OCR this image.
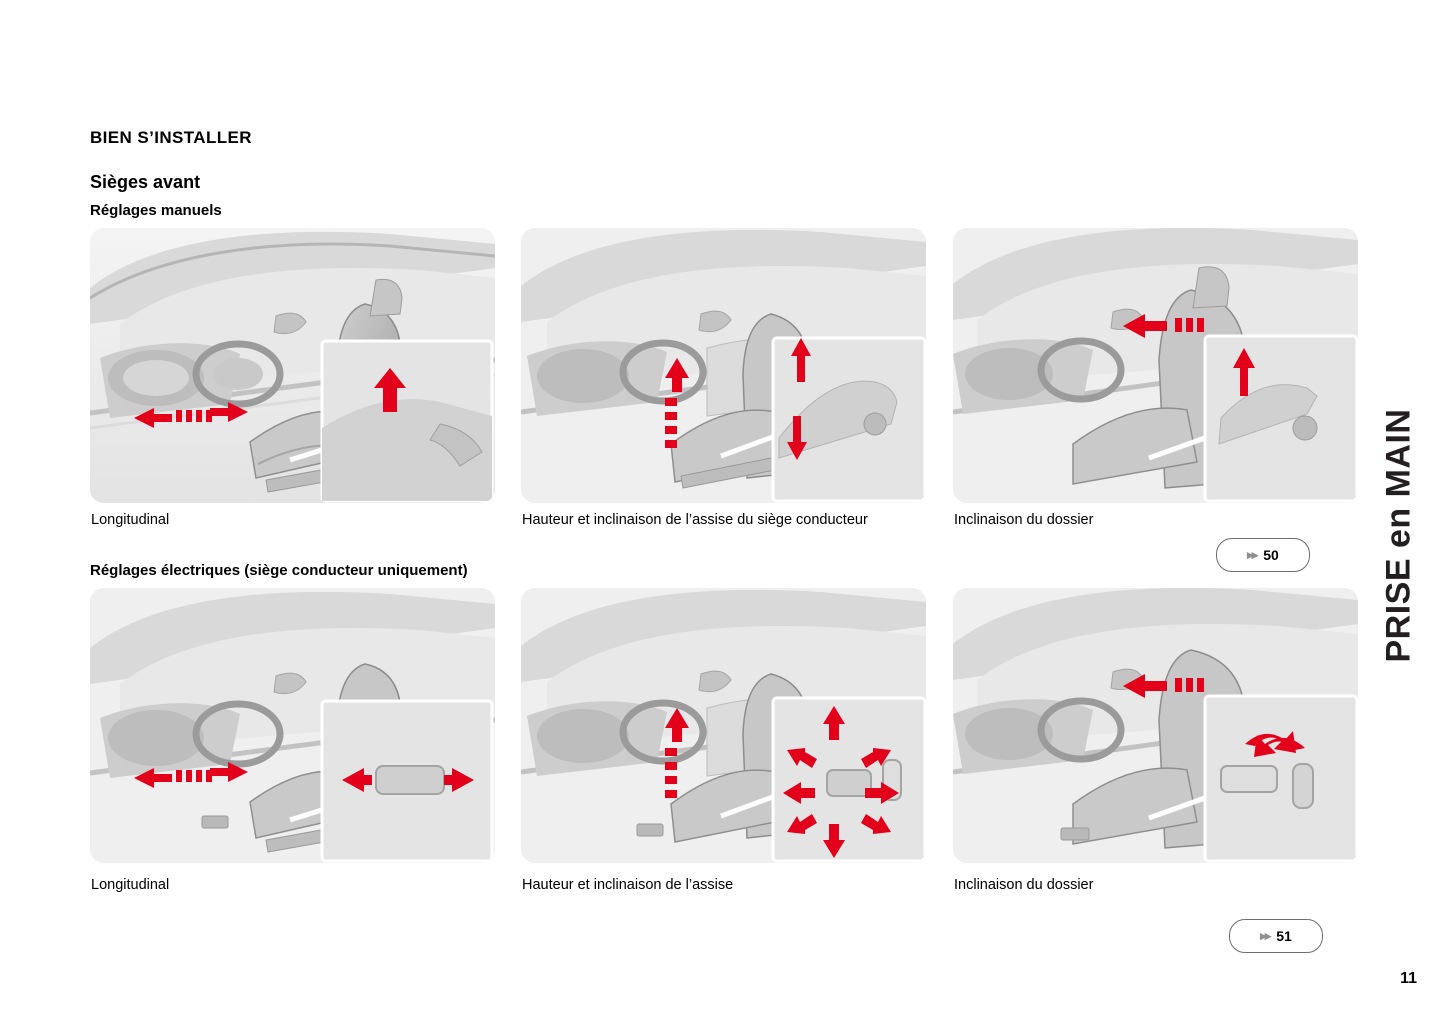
BIEN S’INSTALLER
Sièges avant
Réglages manuels
Réglages électriques (siège conducteur uniquement)
Longitudinal	Hauteur et inclinaison de l’assise du siège conducteur	Inclinaison du dossier
▸▸ 50
Longitudinal	Hauteur et inclinaison de l’assise	Inclinaison du dossier
▸▸ 51
PRISE en MAIN
11
